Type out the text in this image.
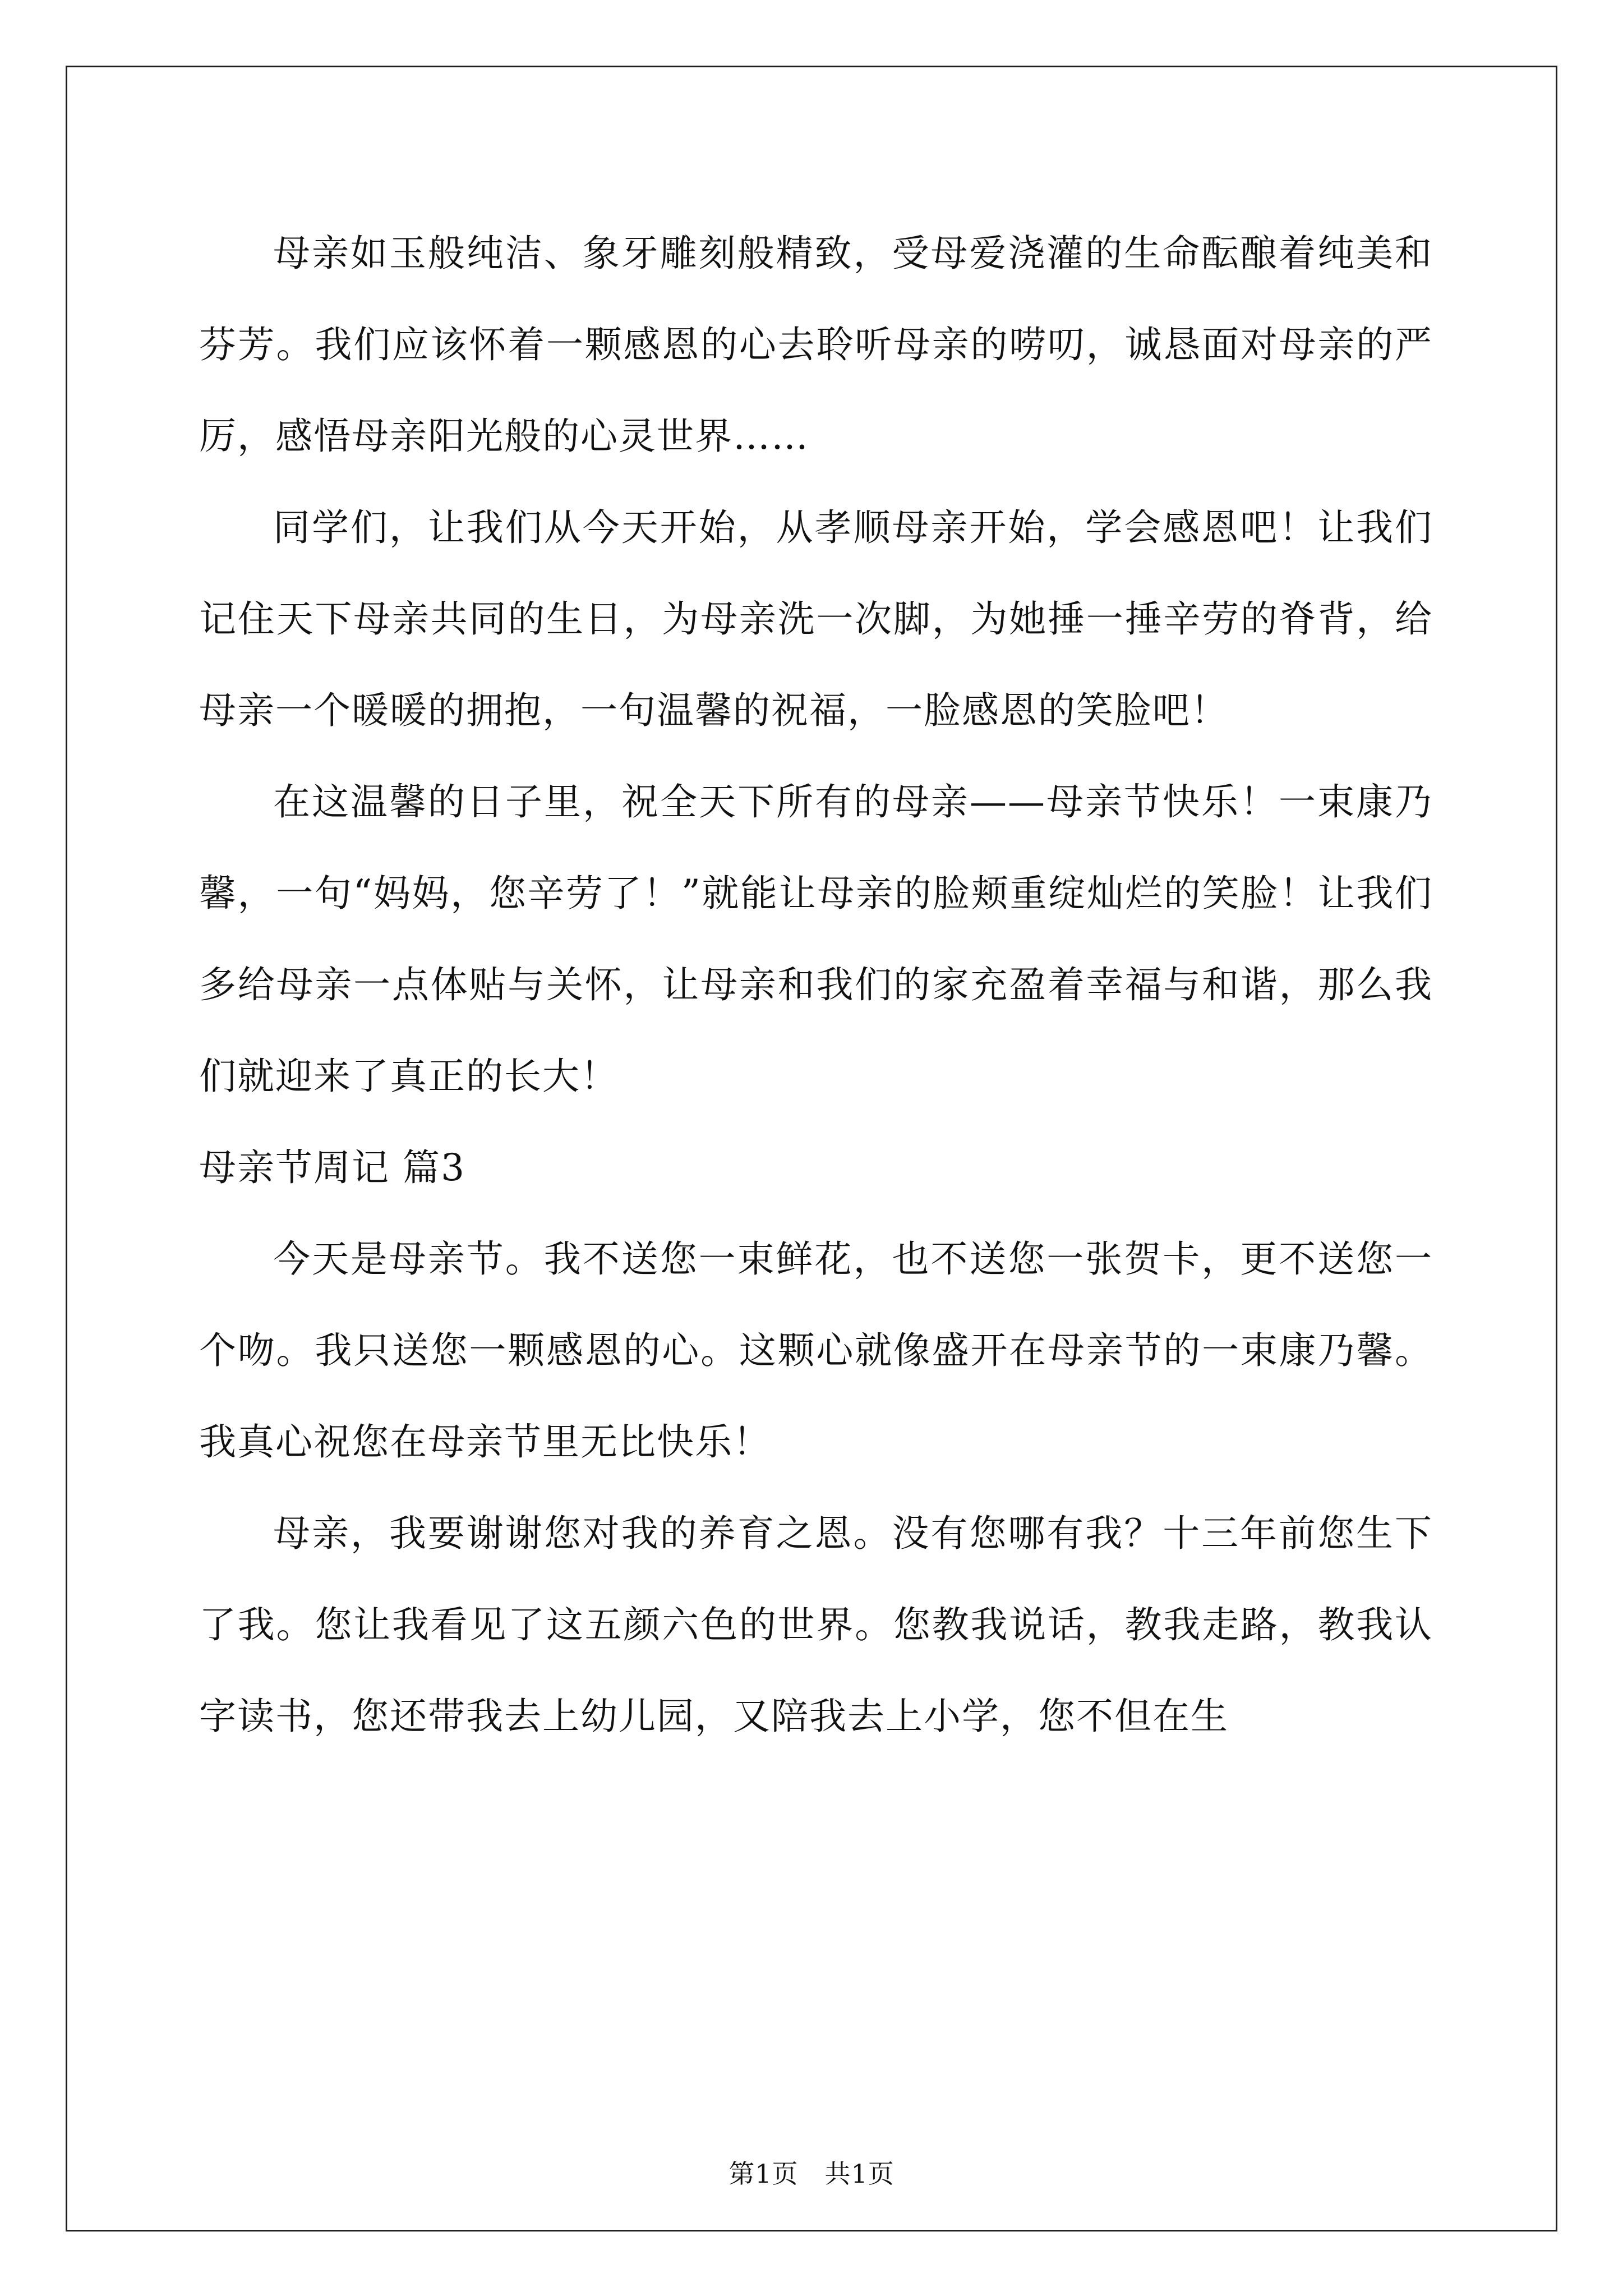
母亲如玉般纯洁、象牙雕刻般精致，受母爱浇灌的生命酝酿着纯美和芬芳。我们应该怀着一颗感恩的心去聆听母亲的唠叨，诚恳面对母亲的严厉，感悟母亲阳光般的心灵世界……

同学们，让我们从今天开始，从孝顺母亲开始，学会感恩吧！让我们记住天下母亲共同的生日，为母亲洗一次脚，为她捶一捶辛劳的脊背，给母亲一个暖暖的拥抱，一句温馨的祝福，一脸感恩的笑脸吧！

在这温馨的日子里，祝全天下所有的母亲——母亲节快乐！一束康乃馨，一句“妈妈，您辛劳了！”就能让母亲的脸颊重绽灿烂的笑脸！让我们多给母亲一点体贴与关怀，让母亲和我们的家充盈着幸福与和谐，那么我们就迎来了真正的长大！

母亲节周记 篇3

今天是母亲节。我不送您一束鲜花，也不送您一张贺卡，更不送您一个吻。我只送您一颗感恩的心。这颗心就像盛开在母亲节的一束康乃馨。我真心祝您在母亲节里无比快乐！

母亲，我要谢谢您对我的养育之恩。没有您哪有我？十三年前您生下了我。您让我看见了这五颜六色的世界。您教我说话，教我走路，教我认字读书，您还带我去上幼儿园，又陪我去上小学，您不但在生

第1页　共1页
